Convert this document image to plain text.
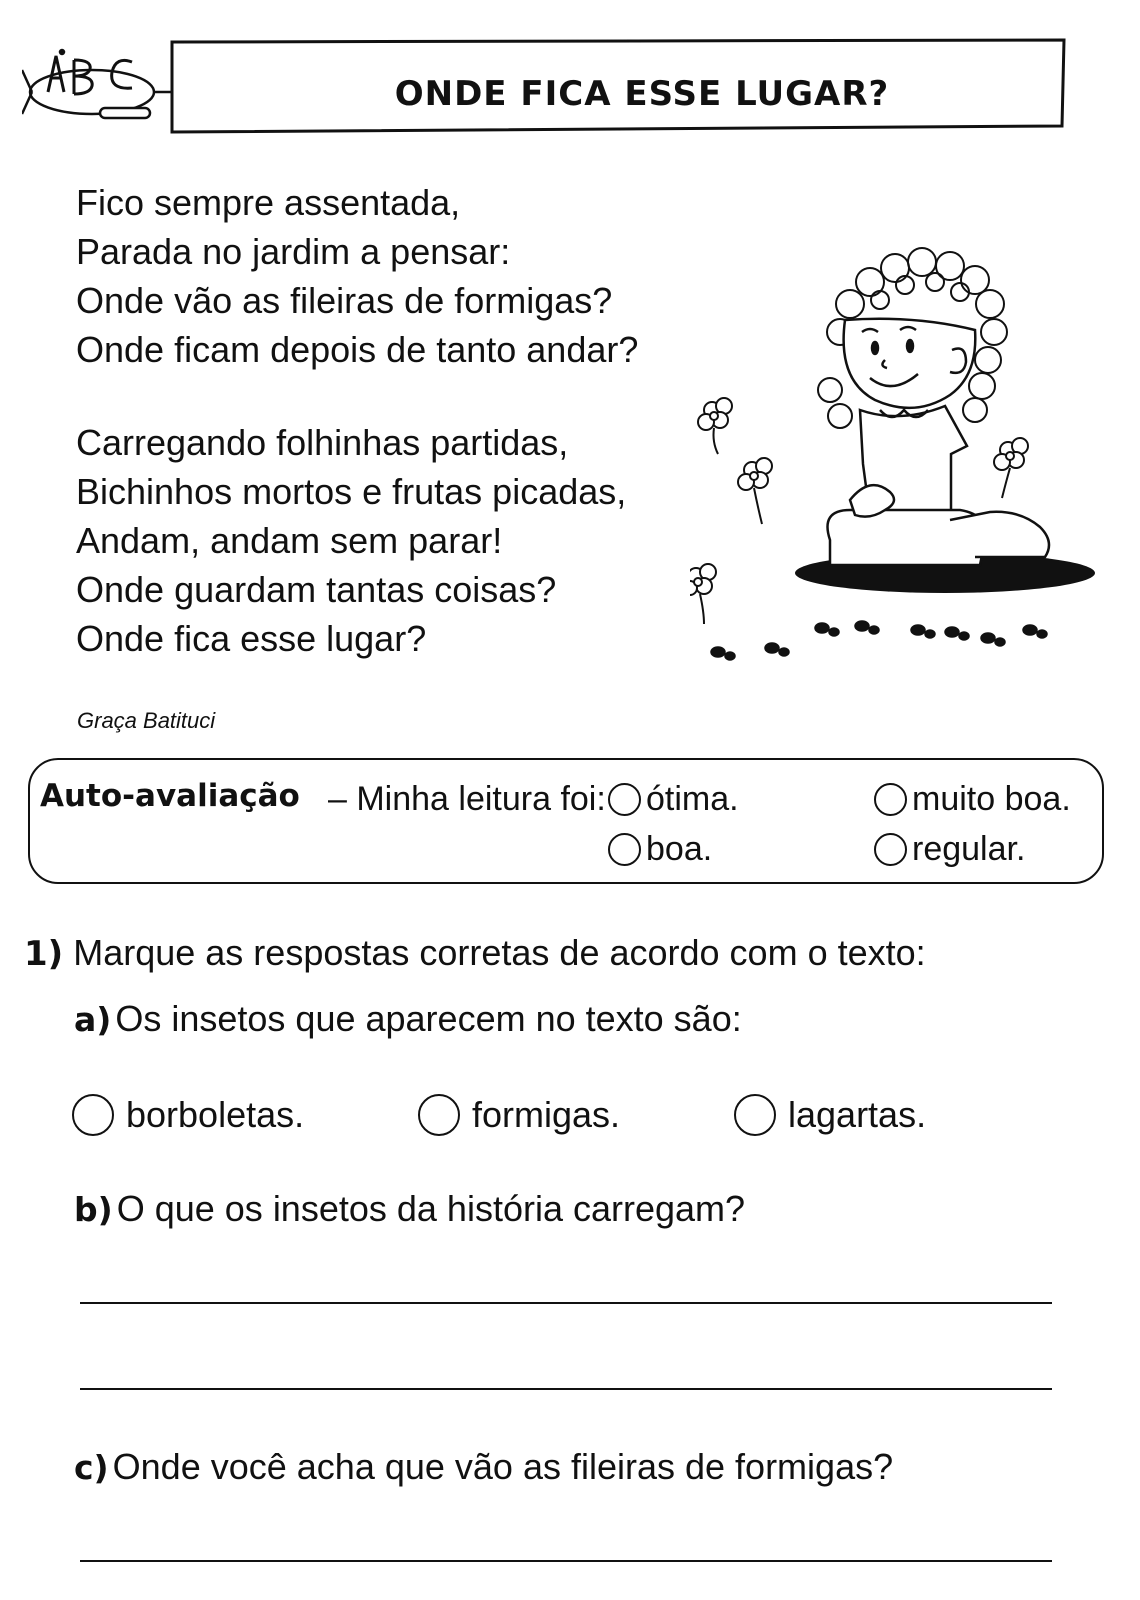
ONDE FICA ESSE LUGAR?
Fico sempre assentada,
Parada no jardim a pensar:
Onde vão as fileiras de formigas?
Onde ficam depois de tanto andar?
Carregando folhinhas partidas,
Bichinhos mortos e frutas picadas,
Andam, andam sem parar!
Onde guardam tantas coisas?
Onde fica esse lugar?
Graça Batituci
Auto-avaliação – Minha leitura foi: ótima.	muito boa.
boa.	regular.
1) Marque as respostas corretas de acordo com o texto:
a) Os insetos que aparecem no texto são:
borboletas.	formigas.	lagartas.
b) O que os insetos da história carregam?
c) Onde você acha que vão as fileiras de formigas?
